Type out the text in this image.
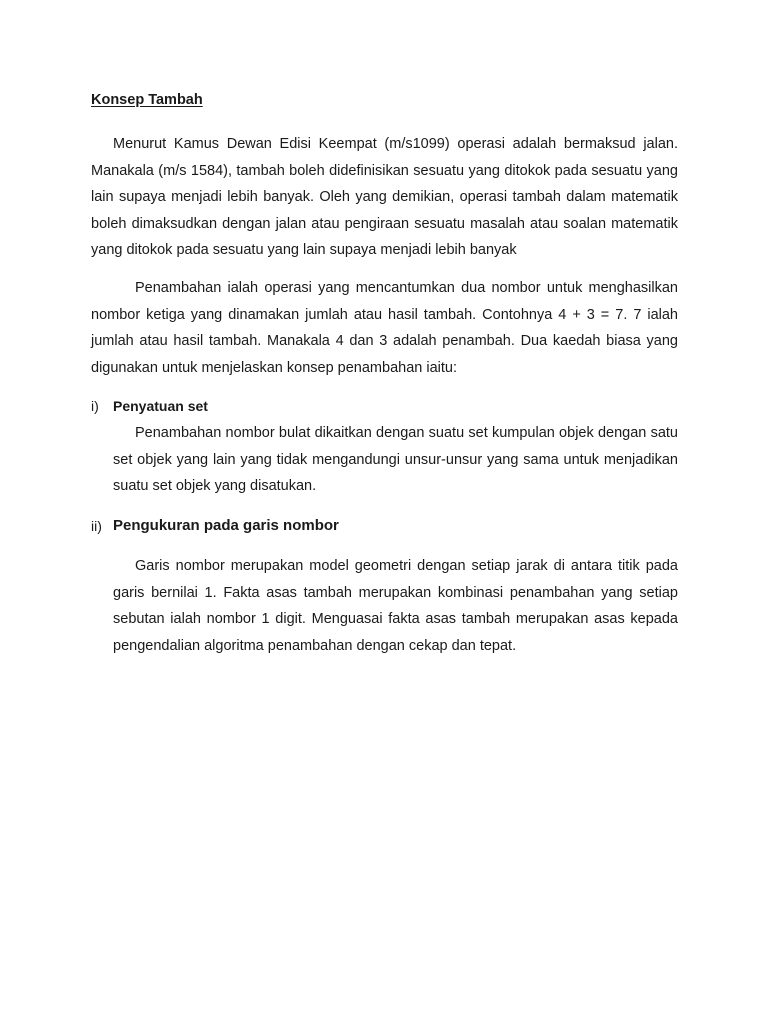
Konsep Tambah

Menurut Kamus Dewan Edisi Keempat (m/s1099) operasi adalah bermaksud jalan. Manakala (m/s 1584), tambah boleh didefinisikan sesuatu yang ditokok pada sesuatu yang lain supaya menjadi lebih banyak. Oleh yang demikian, operasi tambah dalam matematik boleh dimaksudkan dengan jalan atau pengiraan sesuatu masalah atau soalan matematik yang ditokok pada sesuatu yang lain supaya menjadi lebih banyak

Penambahan ialah operasi yang mencantumkan dua nombor untuk menghasilkan nombor ketiga yang dinamakan jumlah atau hasil tambah. Contohnya 4 + 3 = 7. 7 ialah jumlah atau hasil tambah. Manakala 4 dan 3 adalah penambah. Dua kaedah biasa yang digunakan untuk menjelaskan konsep penambahan iaitu:

i) Penyatuan set

Penambahan nombor bulat dikaitkan dengan suatu set kumpulan objek dengan satu set objek yang lain yang tidak mengandungi unsur-unsur yang sama untuk menjadikan suatu set objek yang disatukan.

ii) Pengukuran pada garis nombor

Garis nombor merupakan model geometri dengan setiap jarak di antara titik pada garis bernilai 1. Fakta asas tambah merupakan kombinasi penambahan yang setiap sebutan ialah nombor 1 digit. Menguasai fakta asas tambah merupakan asas kepada pengendalian algoritma penambahan dengan cekap dan tepat.
